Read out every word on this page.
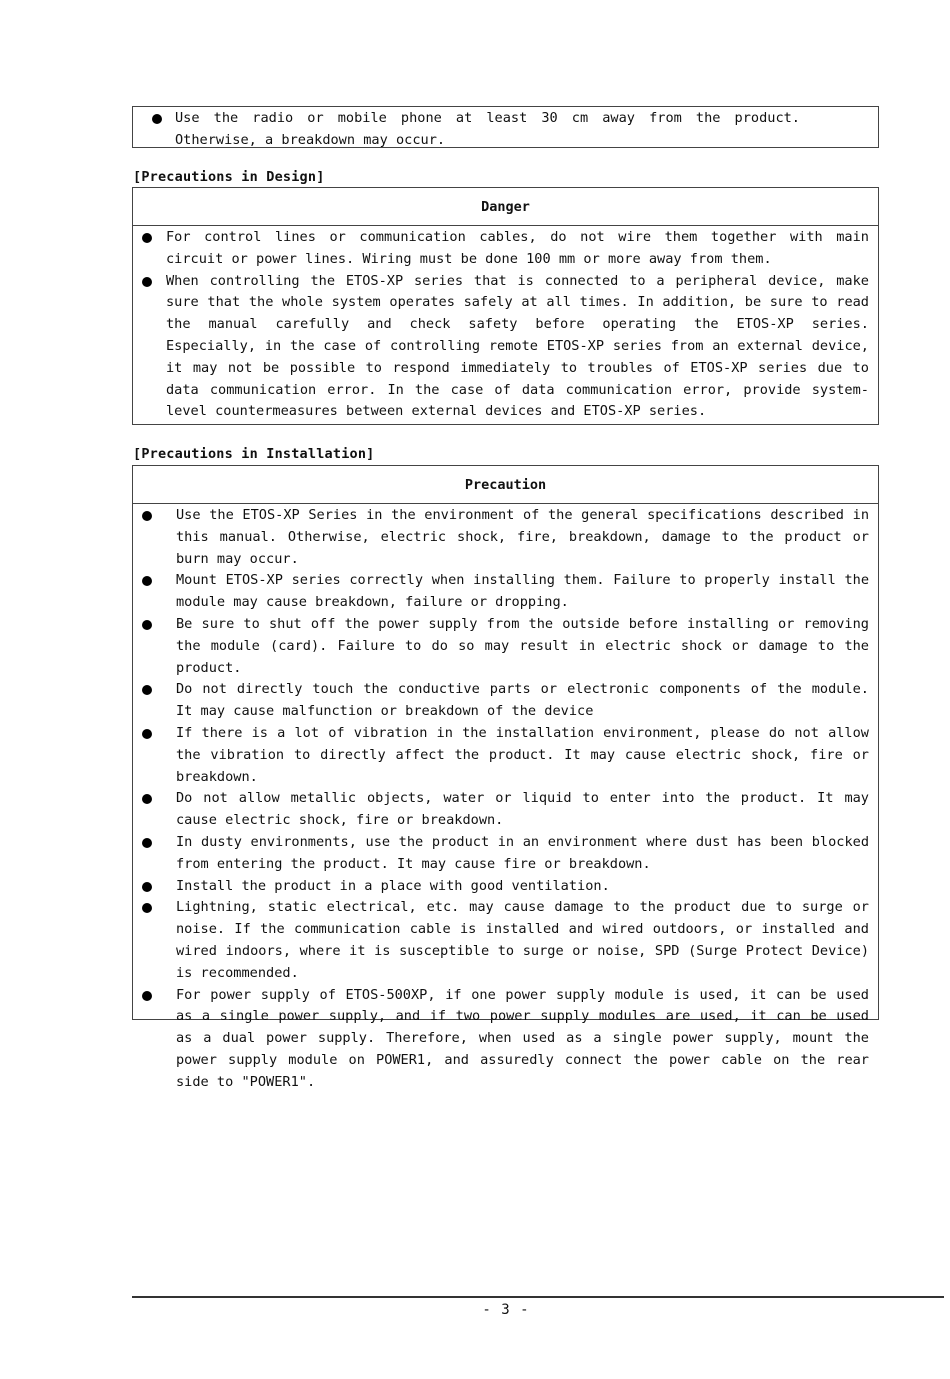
Use the radio or mobile phone at least 30 cm away from the product. Otherwise, a breakdown may occur.
[Precautions in Design]
Danger
For control lines or communication cables, do not wire them together with main circuit or power lines. Wiring must be done 100 mm or more away from them.
When controlling the ETOS-XP series that is connected to a peripheral device, make sure that the whole system operates safely at all times. In addition, be sure to read the manual carefully and check safety before operating the ETOS-XP series. Especially, in the case of controlling remote ETOS-XP series from an external device, it may not be possible to respond immediately to troubles of ETOS-XP series due to data communication error. In the case of data communication error, provide system-level countermeasures between external devices and ETOS-XP series.
[Precautions in Installation]
Precaution
Use the ETOS-XP Series in the environment of the general specifications described in this manual. Otherwise, electric shock, fire, breakdown, damage to the product or burn may occur.
Mount ETOS-XP series correctly when installing them. Failure to properly install the module may cause breakdown, failure or dropping.
Be sure to shut off the power supply from the outside before installing or removing the module (card). Failure to do so may result in electric shock or damage to the product.
Do not directly touch the conductive parts or electronic components of the module. It may cause malfunction or breakdown of the device
If there is a lot of vibration in the installation environment, please do not allow the vibration to directly affect the product. It may cause electric shock, fire or breakdown.
Do not allow metallic objects, water or liquid to enter into the product. It may cause electric shock, fire or breakdown.
In dusty environments, use the product in an environment where dust has been blocked from entering the product. It may cause fire or breakdown.
Install the product in a place with good ventilation.
Lightning, static electrical, etc. may cause damage to the product due to surge or noise. If the communication cable is installed and wired outdoors, or installed and wired indoors, where it is susceptible to surge or noise, SPD (Surge Protect Device) is recommended.
For power supply of ETOS-500XP, if one power supply module is used, it can be used as a single power supply, and if two power supply modules are used, it can be used as a dual power supply. Therefore, when used as a single power supply, mount the power supply module on POWER1, and assuredly connect the power cable on the rear side to "POWER1".
- 3 -
